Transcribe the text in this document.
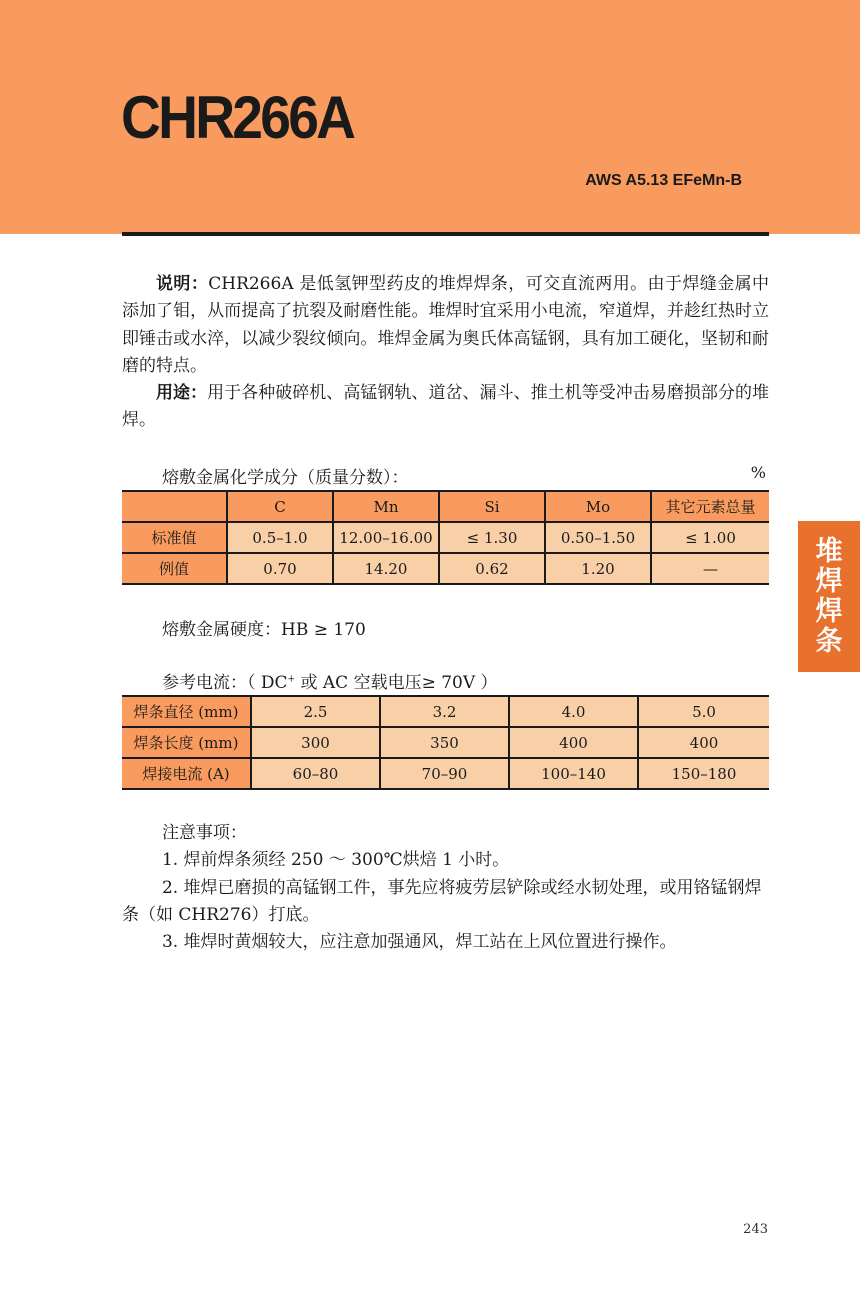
CHR266A
AWS A5.13 EFeMn-B
堆
焊
焊
条

说明：CHR266A 是低氢钾型药皮的堆焊焊条，可交直流两用。由于焊缝金属中添加了钼，从而提高了抗裂及耐磨性能。堆焊时宜采用小电流，窄道焊，并趁红热时立即锤击或水淬，以减少裂纹倾向。堆焊金属为奥氏体高锰钢，具有加工硬化，坚韧和耐磨的特点。

用途：用于各种破碎机、高锰钢轨、道岔、漏斗、推土机等受冲击易磨损部分的堆焊。

熔敷金属化学成分（质量分数）：	%
	C	Mn	Si	Mo	其它元素总量
标准值	0.5–1.0	12.00–16.00	≤ 1.30	0.50–1.50	≤ 1.00
例值	0.70	14.20	0.62	1.20	—
熔敷金属硬度：HB ≥ 170
参考电流：（ DC+ 或 AC 空载电压≥ 70V ）
焊条直径 (mm)	2.5	3.2	4.0	5.0
焊条长度 (mm)	300	350	400	400
焊接电流 (A)	60–80	70–90	100–140	150–180

注意事项：

1. 焊前焊条须经 250 ～ 300℃烘焙 1 小时。

2. 堆焊已磨损的高锰钢工件，事先应将疲劳层铲除或经水韧处理，或用铬锰钢焊条（如 CHR276）打底。

3. 堆焊时黄烟较大，应注意加强通风，焊工站在上风位置进行操作。

243
